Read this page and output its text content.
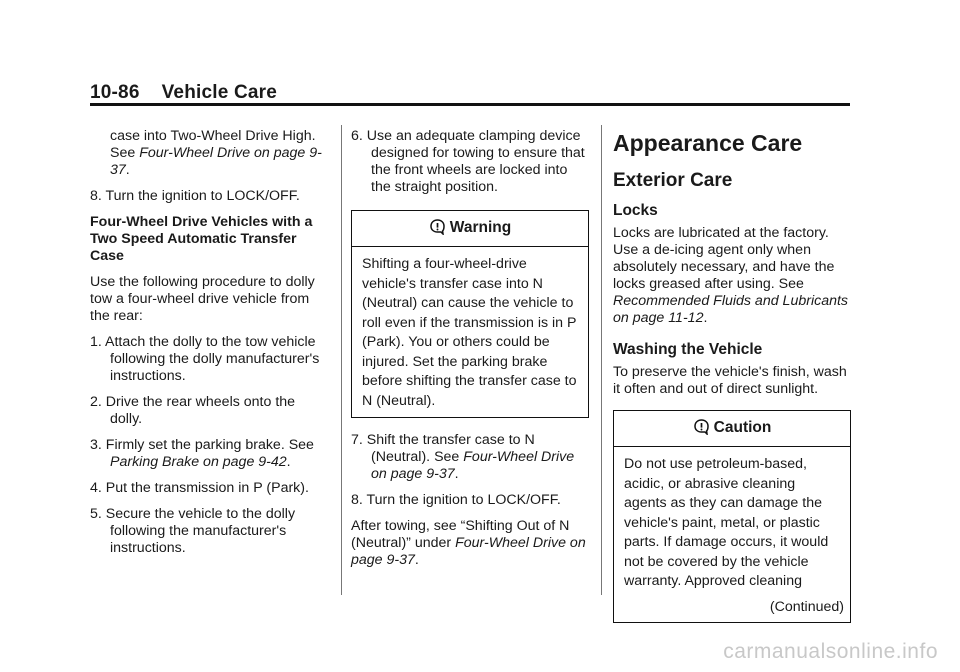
10-86 Vehicle Care

case into Two-Wheel Drive High.
See Four-Wheel Drive on page 9-37.

8. Turn the ignition to LOCK/OFF.

Four-Wheel Drive Vehicles with a Two Speed Automatic Transfer Case

Use the following procedure to dolly tow a four-wheel drive vehicle from the rear:

1. Attach the dolly to the tow vehicle following the dolly manufacturer's instructions.

2. Drive the rear wheels onto the dolly.

3. Firmly set the parking brake. See Parking Brake on page 9-42.

4. Put the transmission in P (Park).

5. Secure the vehicle to the dolly following the manufacturer's instructions.

6. Use an adequate clamping device designed for towing to ensure that the front wheels are locked into the straight position.

Warning
Shifting a four-wheel-drive vehicle's transfer case into N (Neutral) can cause the vehicle to roll even if the transmission is in P (Park). You or others could be injured. Set the parking brake before shifting the transfer case to N (Neutral).

7. Shift the transfer case to N (Neutral). See Four-Wheel Drive on page 9-37.

8. Turn the ignition to LOCK/OFF.

After towing, see “Shifting Out of N (Neutral)” under Four-Wheel Drive on page 9-37.

Appearance Care
Exterior Care
Locks

Locks are lubricated at the factory. Use a de-icing agent only when absolutely necessary, and have the locks greased after using. See Recommended Fluids and Lubricants on page 11-12.

Washing the Vehicle

To preserve the vehicle's finish, wash it often and out of direct sunlight.

Caution
Do not use petroleum-based, acidic, or abrasive cleaning agents as they can damage the vehicle's paint, metal, or plastic parts. If damage occurs, it would not be covered by the vehicle warranty. Approved cleaning
(Continued)
carmanualsonline.info
